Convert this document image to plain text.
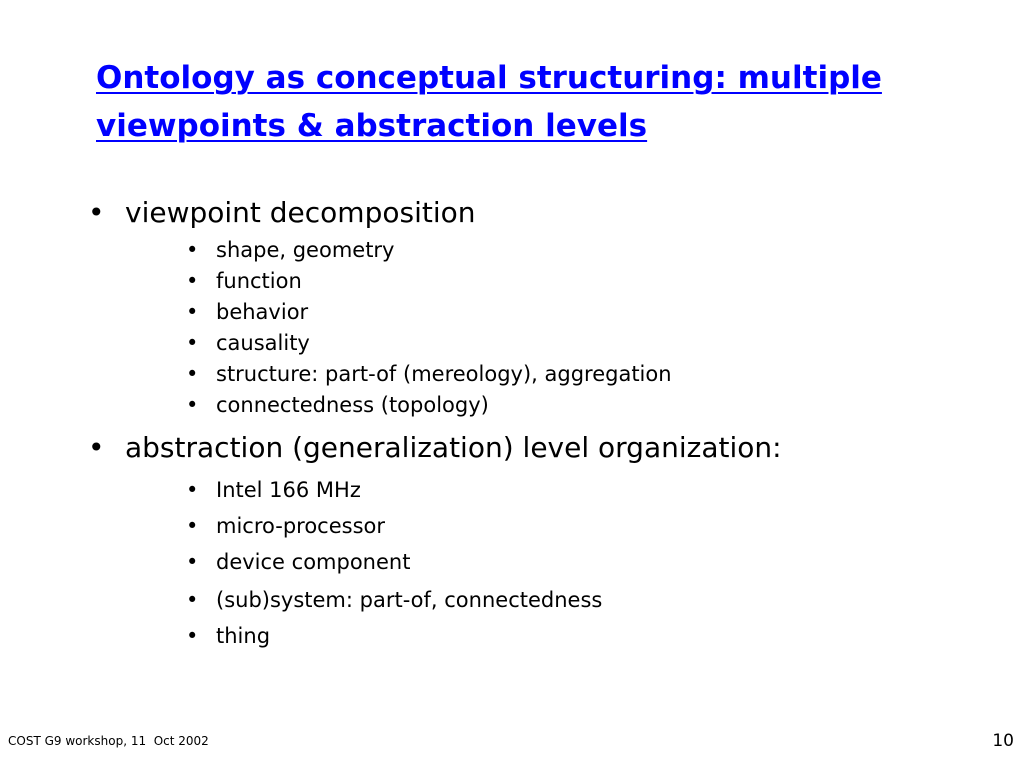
Ontology as conceptual structuring: multiple
viewpoints & abstraction levels
• viewpoint decomposition
• shape, geometry
• function
• behavior
• causality
• structure: part-of (mereology), aggregation
• connectedness (topology)
• abstraction (generalization) level organization:
• Intel 166 MHz
• micro-processor
• device component
• (sub)system: part-of, connectedness
• thing
COST G9 workshop, 11  Oct 2002	10
